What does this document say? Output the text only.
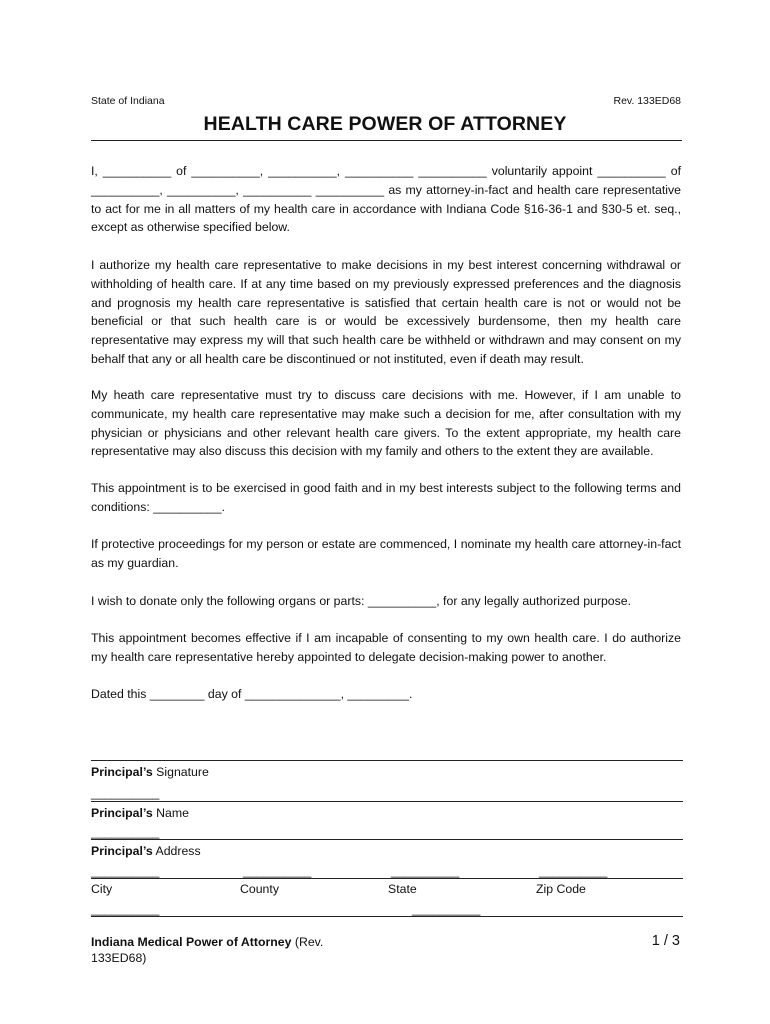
State of Indiana	Rev. 133ED68
HEALTH CARE POWER OF ATTORNEY

I, __________ of __________, __________, __________ __________ voluntarily appoint __________ of __________, __________, __________ __________ as my attorney-in-fact and health care representative to act for me in all matters of my health care in accordance with Indiana Code §16-36-1 and §30-5 et. seq., except as otherwise specified below.

I authorize my health care representative to make decisions in my best interest concerning withdrawal or withholding of health care. If at any time based on my previously expressed preferences and the diagnosis and prognosis my health care representative is satisfied that certain health care is not or would not be beneficial or that such health care is or would be excessively burdensome, then my health care representative may express my will that such health care be withheld or withdrawn and may consent on my behalf that any or all health care be discontinued or not instituted, even if death may result.

My heath care representative must try to discuss care decisions with me. However, if I am unable to communicate, my health care representative may make such a decision for me, after consultation with my physician or physicians and other relevant health care givers. To the extent appropriate, my health care representative may also discuss this decision with my family and others to the extent they are available.

This appointment is to be exercised in good faith and in my best interests subject to the following terms and conditions: __________.

If protective proceedings for my person or estate are commenced, I nominate my health care attorney-in-fact as my guardian.

I wish to donate only the following organs or parts: __________, for any legally authorized purpose.

This appointment becomes effective if I am incapable of consenting to my own health care. I do authorize my health care representative hereby appointed to delegate decision-making power to another.

Dated this ________ day of ______________, _________.

Principal’s Signature
__________
Principal’s Name
__________
Principal’s Address
__________	__________	__________	__________
City	County	State	Zip Code
__________	__________
Indiana Medical Power of Attorney (Rev.
133ED68)
1 / 3
